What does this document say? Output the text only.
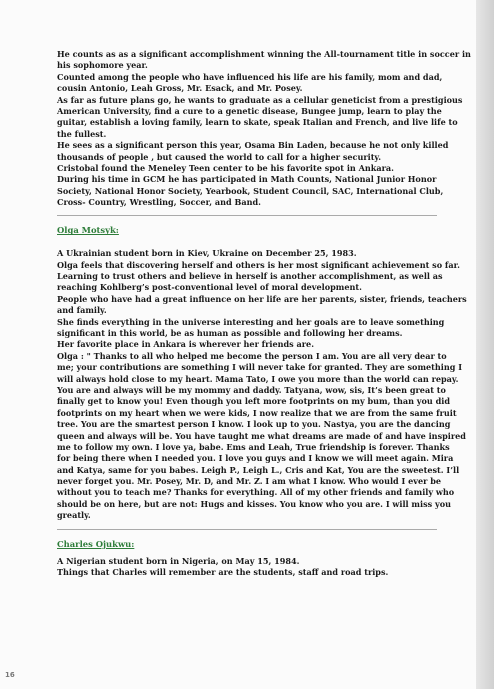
He counts as as a significant accomplishment winning the All-tournament title in soccer in
his sophomore year.
Counted among the people who have influenced his life are his family, mom and dad,
cousin Antonio, Leah Gross, Mr. Esack, and Mr. Posey.
As far as future plans go, he wants to graduate as a cellular geneticist from a prestigious
American University, find a cure to a genetic disease, Bungee jump, learn to play the
guitar, establish a loving family, learn to skate, speak Italian and French, and live life to
the fullest.
He sees as a significant person this year, Osama Bin Laden, because he not only killed
thousands of people , but caused the world to call for a higher security.
Cristobal found the Meneley Teen center to be his favorite spot in Ankara.
During his time in GCM he has participated in Math Counts, National Junior Honor
Society, National Honor Society, Yearbook, Student Council, SAC, International Club,
Cross- Country, Wrestling, Soccer, and Band.
Olga Motsyk:
A Ukrainian student born in Kiev, Ukraine on December 25, 1983.
Olga feels that discovering herself and others is her most significant achievement so far.
Learning to trust others and believe in herself is another accomplishment, as well as
reaching Kohlberg’s post-conventional level of moral development.
People who have had a great influence on her life are her parents, sister, friends, teachers
and family.
She finds everything in the universe interesting and her goals are to leave something
significant in this world, be as human as possible and following her dreams.
Her favorite place in Ankara is wherever her friends are.
Olga : " Thanks to all who helped me become the person I am. You are all very dear to
me; your contributions are something I will never take for granted. They are something I
will always hold close to my heart. Mama Tato, I owe you more than the world can repay.
You are and always will be my mommy and daddy. Tatyana, wow, sis, It’s been great to
finally get to know you! Even though you left more footprints on my bum, than you did
footprints on my heart when we were kids, I now realize that we are from the same fruit
tree. You are the smartest person I know. I look up to you. Nastya, you are the dancing
queen and always will be. You have taught me what dreams are made of and have inspired
me to follow my own. I love ya, babe. Ems and Leah, True friendship is forever. Thanks
for being there when I needed you. I love you guys and I know we will meet again. Mira
and Katya, same for you babes. Leigh P., Leigh L., Cris and Kat, You are the sweetest. I’ll
never forget you. Mr. Posey, Mr. D, and Mr. Z. I am what I know. Who would I ever be
without you to teach me? Thanks for everything. All of my other friends and family who
should be on here, but are not: Hugs and kisses. You know who you are. I will miss you
greatly.
Charles Ojukwu:
A Nigerian student born in Nigeria, on May 15, 1984.
Things that Charles will remember are the students, staff and road trips.
16
